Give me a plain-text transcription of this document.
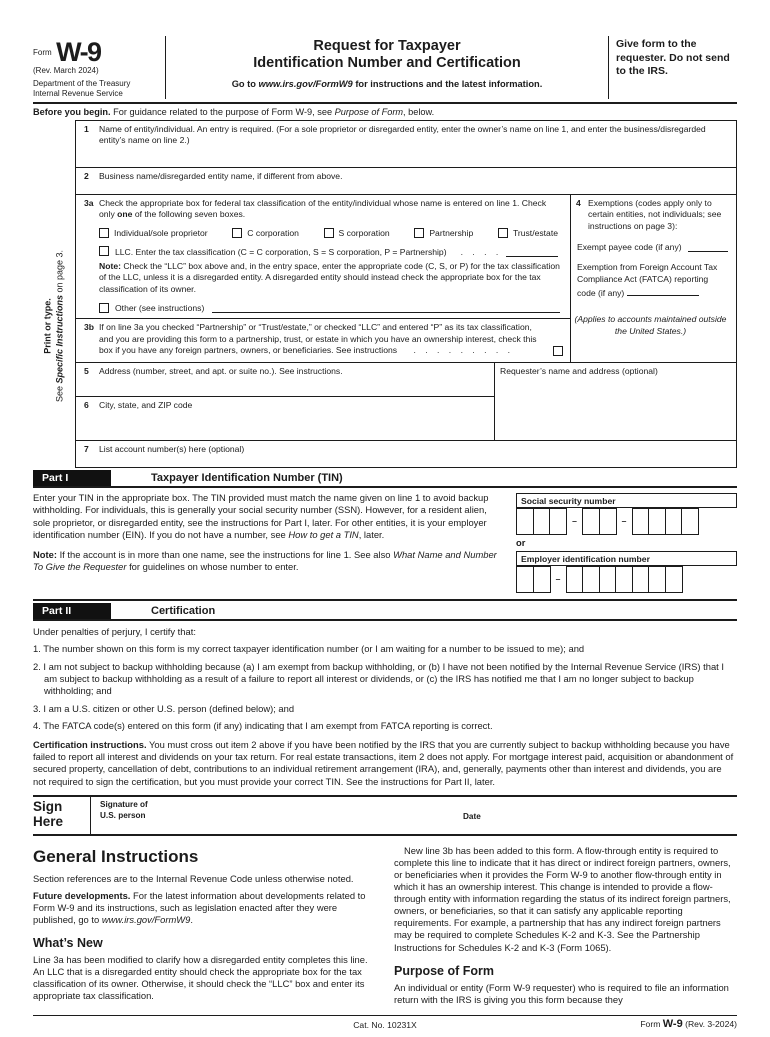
$^{Form}$ W-9
(Rev. March 2024)
Department of the Treasury
Internal Revenue Service
Request for Taxpayer
Identification Number and Certification
Go to www.irs.gov/FormW9 for instructions and the latest information.
Give form to the requester. Do not send to the IRS.
Before you begin. For guidance related to the purpose of Form W-9, see Purpose of Form, below.
Print or type.
See Specific Instructions on page 3.
1	Name of entity/individual. An entry is required. (For a sole proprietor or disregarded entity, enter the owner’s name on line 1, and enter the business/disregarded entity’s name on line 2.)
2	Business name/disregarded entity name, if different from above.
3a Check the appropriate box for federal tax classification of the entity/individual whose name is entered on line 1. Check only one of the following seven boxes.
Individual/sole proprietor	C corporation	S corporation	Partnership	Trust/estate
LLC. Enter the tax classification (C = C corporation, S = S corporation, P = Partnership) . . . .
Note: Check the “LLC” box above and, in the entry space, enter the appropriate code (C, S, or P) for the tax classification of the LLC, unless it is a disregarded entity. A disregarded entity should instead check the appropriate box for the tax classification of its owner.
Other (see instructions)
3b If on line 3a you checked “Partnership” or “Trust/estate,” or checked “LLC” and entered “P” as its tax classification, and you are providing this form to a partnership, trust, or estate in which you have an ownership interest, check this box if you have any foreign partners, owners, or beneficiaries. See instructions . . . . . . . . .
4 Exemptions (codes apply only to certain entities, not individuals; see instructions on page 3):
Exempt payee code (if any)
Exemption from Foreign Account Tax Compliance Act (FATCA) reporting code (if any)
(Applies to accounts maintained outside the United States.)
5	Address (number, street, and apt. or suite no.). See instructions.
6	City, state, and ZIP code
Requester’s name and address (optional)
7	List account number(s) here (optional)
Part I	Taxpayer Identification Number (TIN)

Enter your TIN in the appropriate box. The TIN provided must match the name given on line 1 to avoid backup withholding. For individuals, this is generally your social security number (SSN). However, for a resident alien, sole proprietor, or disregarded entity, see the instructions for Part I, later. For other entities, it is your employer identification number (EIN). If you do not have a number, see How to get a TIN, later.

Note: If the account is in more than one name, see the instructions for line 1. See also What Name and Number To Give the Requester for guidelines on whose number to enter.

Social security number
–	–
or
Employer identification number
–
Part II	Certification

Under penalties of perjury, I certify that:

1. The number shown on this form is my correct taxpayer identification number (or I am waiting for a number to be issued to me); and

2. I am not subject to backup withholding because (a) I am exempt from backup withholding, or (b) I have not been notified by the Internal Revenue Service (IRS) that I am subject to backup withholding as a result of a failure to report all interest or dividends, or (c) the IRS has notified me that I am no longer subject to backup withholding; and

3. I am a U.S. citizen or other U.S. person (defined below); and

4. The FATCA code(s) entered on this form (if any) indicating that I am exempt from FATCA reporting is correct.

Certification instructions. You must cross out item 2 above if you have been notified by the IRS that you are currently subject to backup withholding because you have failed to report all interest and dividends on your tax return. For real estate transactions, item 2 does not apply. For mortgage interest paid, acquisition or abandonment of secured property, cancellation of debt, contributions to an individual retirement arrangement (IRA), and, generally, payments other than interest and dividends, you are not required to sign the certification, but you must provide your correct TIN. See the instructions for Part II, later.

Sign
Here
Signature of
U.S. person	Date
General Instructions

Section references are to the Internal Revenue Code unless otherwise noted.

Future developments. For the latest information about developments related to Form W-9 and its instructions, such as legislation enacted after they were published, go to www.irs.gov/FormW9.

What’s New

Line 3a has been modified to clarify how a disregarded entity completes this line. An LLC that is a disregarded entity should check the appropriate box for the tax classification of its owner. Otherwise, it should check the “LLC” box and enter its appropriate tax classification.

New line 3b has been added to this form. A flow-through entity is required to complete this line to indicate that it has direct or indirect foreign partners, owners, or beneficiaries when it provides the Form W-9 to another flow-through entity in which it has an ownership interest. This change is intended to provide a flow-through entity with information regarding the status of its indirect foreign partners, owners, or beneficiaries, so that it can satisfy any applicable reporting requirements. For example, a partnership that has any indirect foreign partners may be required to complete Schedules K-2 and K-3. See the Partnership Instructions for Schedules K-2 and K-3 (Form 1065).

Purpose of Form

An individual or entity (Form W-9 requester) who is required to file an information return with the IRS is giving you this form because they

Cat. No. 10231X	Form W-9 (Rev. 3-2024)
